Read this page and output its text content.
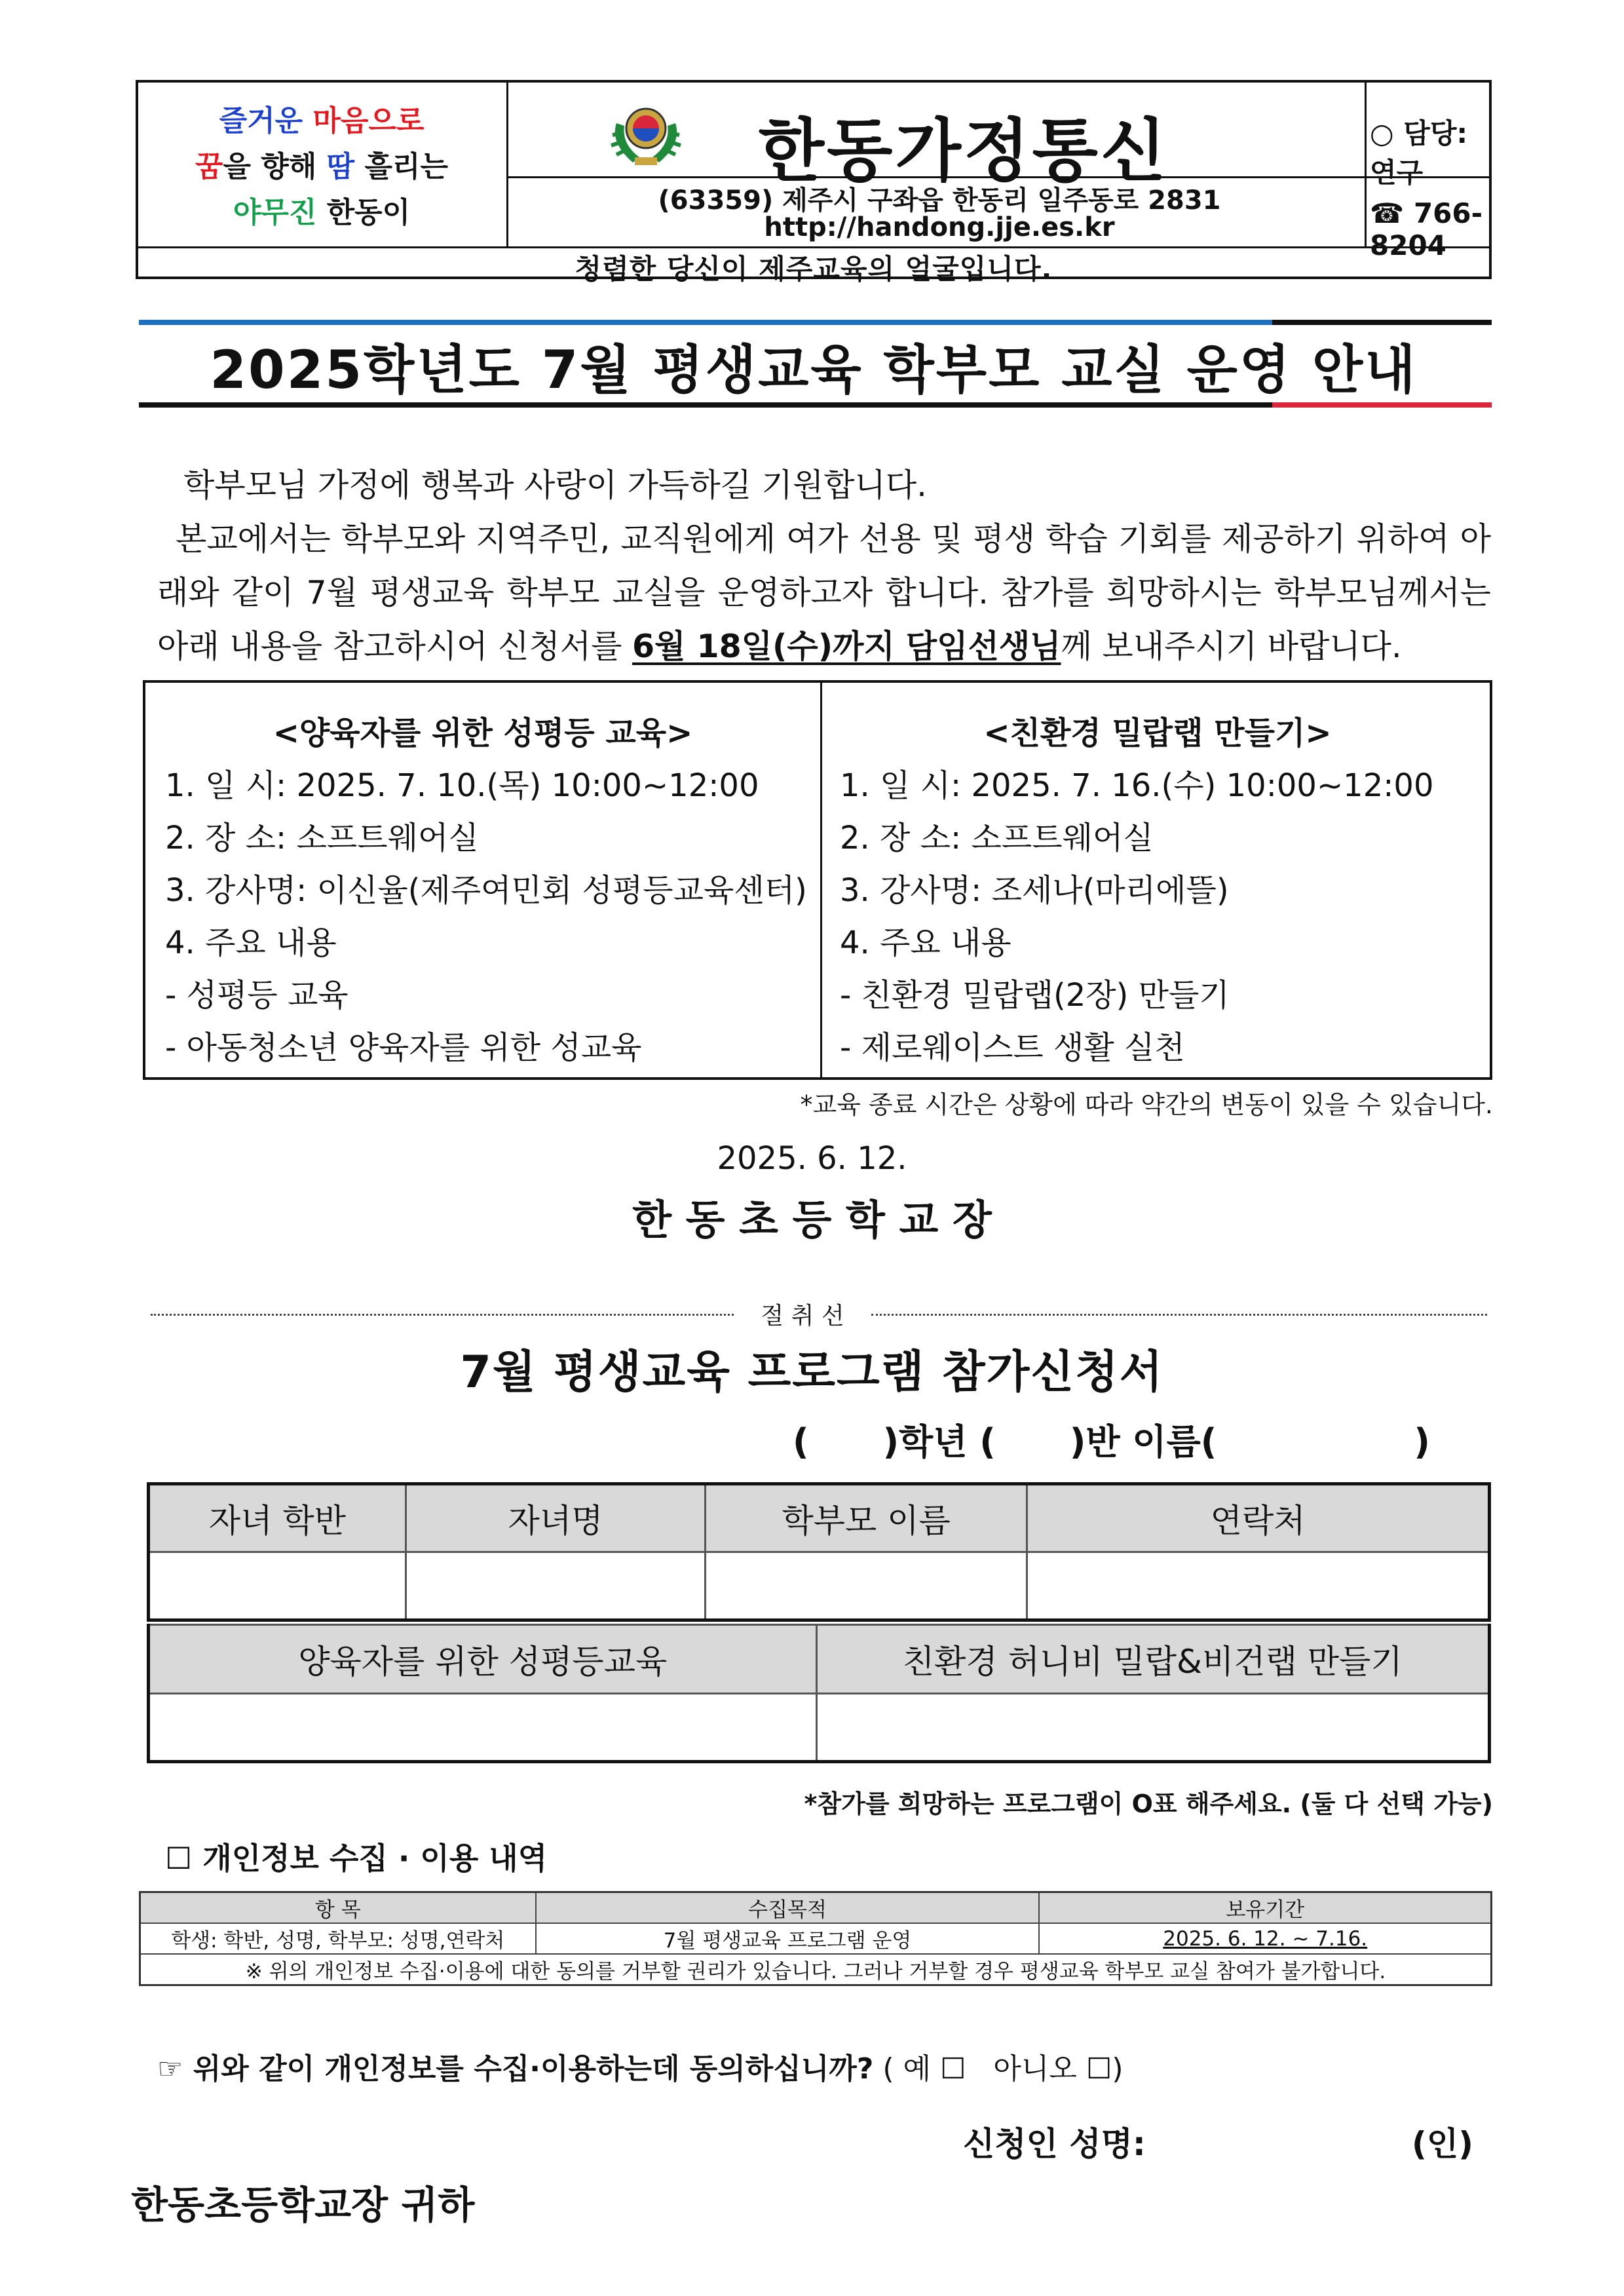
즐거운 마음으로
꿈을 향해 땀 흘리는
야무진 한동이
한동가정통신
(63359) 제주시 구좌읍 한동리 일주동로 2831
http://handong.jje.es.kr
○ 담당: 연구
☎ 766-8204
청렴한 당신이 제주교육의 얼굴입니다.
2025학년도 7월 평생교육 학부모 교실 운영 안내
학부모님 가정에 행복과 사랑이 가득하길 기원합니다.
본교에서는 학부모와 지역주민, 교직원에게 여가 선용 및 평생 학습 기회를 제공하기 위하여 아래와 같이 7월 평생교육 학부모 교실을 운영하고자 합니다. 참가를 희망하시는 학부모님께서는 아래 내용을 참고하시어 신청서를 6월 18일(수)까지 담임선생님께 보내주시기 바랍니다.
<양육자를 위한 성평등 교육>
1. 일 시: 2025. 7. 10.(목) 10:00~12:00
2. 장 소: 소프트웨어실
3. 강사명: 이신율(제주여민회 성평등교육센터)
4. 주요 내용
- 성평등 교육
- 아동청소년 양육자를 위한 성교육
<친환경 밀랍랩 만들기>
1. 일 시: 2025. 7. 16.(수) 10:00~12:00
2. 장 소: 소프트웨어실
3. 강사명: 조세나(마리에뜰)
4. 주요 내용
- 친환경 밀랍랩(2장) 만들기
- 제로웨이스트 생활 실천
*교육 종료 시간은 상황에 따라 약간의 변동이 있을 수 있습니다.
2025. 6. 12.
한 동 초 등 학 교 장
절 취 선
7월 평생교육 프로그램 참가신청서
(      )학년 (      )반 이름(                )
자녀 학반	자녀명	학부모 이름	연락처

양육자를 위한 성평등교육	친환경 허니비 밀랍&비건랩 만들기

*참가를 희망하는 프로그램이 O표 해주세요. (둘 다 선택 가능)
☐ 개인정보 수집 · 이용 내역
항 목	수집목적	보유기간
학생: 학반, 성명, 학부모: 성명,연락처	7월 평생교육 프로그램 운영	2025. 6. 12. ~ 7.16.
※ 위의 개인정보 수집·이용에 대한 동의를 거부할 권리가 있습니다. 그러나 거부할 경우 평생교육 학부모 교실 참여가 불가합니다.		

☞ 위와 같이 개인정보를 수집·이용하는데 동의하십니까? ( 예 ☐   아니오 ☐)

신청인 성명:	(인)
한동초등학교장 귀하
